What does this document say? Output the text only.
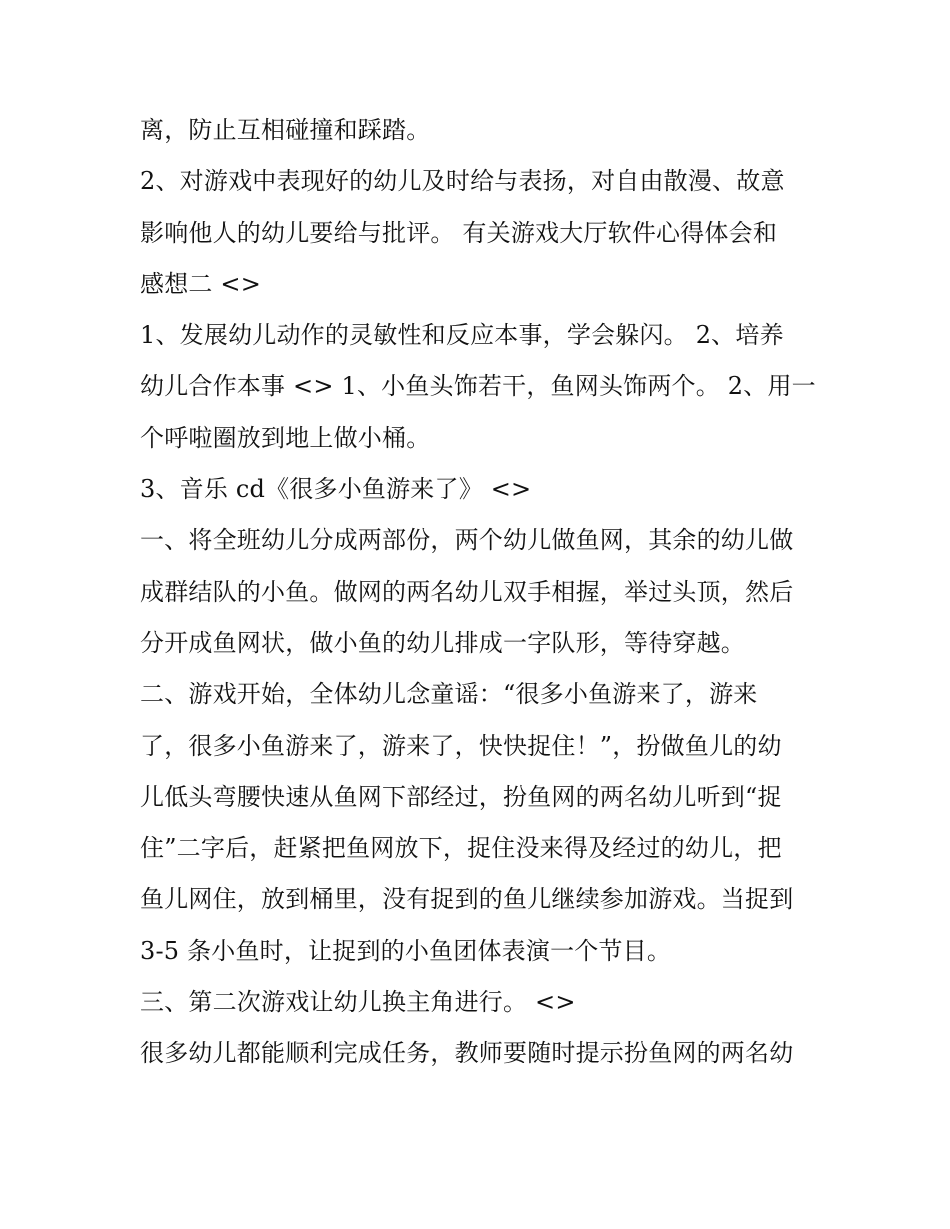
离，防止互相碰撞和踩踏。
2、对游戏中表现好的幼儿及时给与表扬，对自由散漫、故意
影响他人的幼儿要给与批评。 有关游戏大厅软件心得体会和
感想二 <>
1、发展幼儿动作的灵敏性和反应本事，学会躲闪。 2、培养
幼儿合作本事 <> 1、小鱼头饰若干，鱼网头饰两个。 2、用一
个呼啦圈放到地上做小桶。
3、音乐 cd《很多小鱼游来了》 <>
一、将全班幼儿分成两部份，两个幼儿做鱼网，其余的幼儿做
成群结队的小鱼。做网的两名幼儿双手相握，举过头顶，然后
分开成鱼网状，做小鱼的幼儿排成一字队形，等待穿越。
二、游戏开始，全体幼儿念童谣：“很多小鱼游来了，游来
了，很多小鱼游来了，游来了，快快捉住！”，扮做鱼儿的幼
儿低头弯腰快速从鱼网下部经过，扮鱼网的两名幼儿听到“捉
住”二字后，赶紧把鱼网放下，捉住没来得及经过的幼儿，把
鱼儿网住，放到桶里，没有捉到的鱼儿继续参加游戏。当捉到
3-5 条小鱼时，让捉到的小鱼团体表演一个节目。
三、第二次游戏让幼儿换主角进行。 <>
很多幼儿都能顺利完成任务，教师要随时提示扮鱼网的两名幼
